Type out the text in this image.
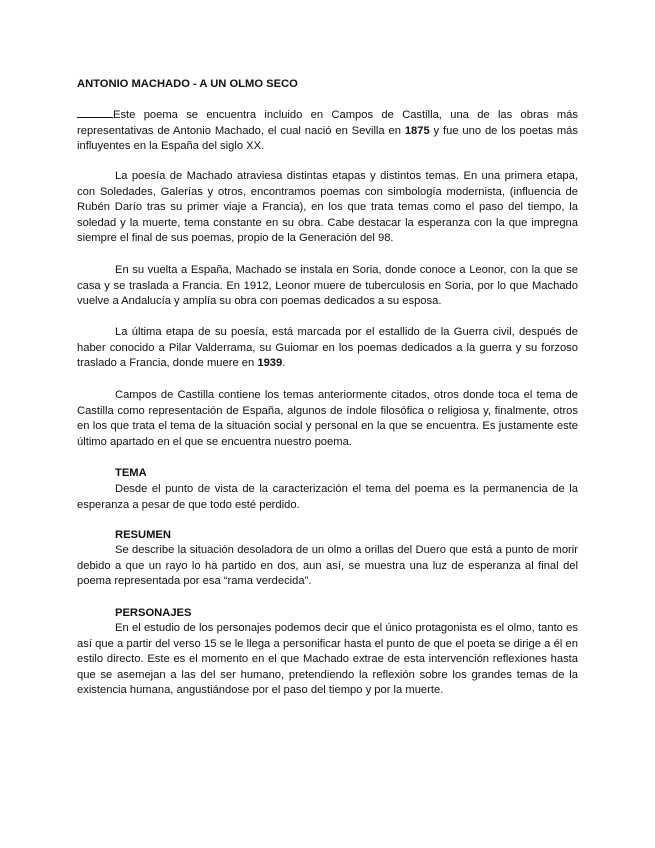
ANTONIO MACHADO - A UN OLMO SECO

Este poema se encuentra incluido en Campos de Castilla, una de las obras más representativas de Antonio Machado, el cual nació en Sevilla en 1875 y fue uno de los poetas más influyentes en la España del siglo XX.

La poesía de Machado atraviesa distintas etapas y distintos temas. En una primera etapa, con Soledades, Galerías y otros, encontramos poemas con simbología modernista, (influencia de Rubén Darío tras su primer viaje a Francia), en los que trata temas como el paso del tiempo, la soledad y la muerte, tema constante en su obra. Cabe destacar la esperanza con la que impregna siempre el final de sus poemas, propio de la Generación del 98.

En su vuelta a España, Machado se instala en Soria, donde conoce a Leonor, con la que se casa y se traslada a Francia. En 1912, Leonor muere de tuberculosis en Soria, por lo que Machado vuelve a Andalucía y amplía su obra con poemas dedicados a su esposa.

La última etapa de su poesía, está marcada por el estallido de la Guerra civil, después de haber conocido a Pilar Valderrama, su Guiomar en los poemas dedicados a la guerra y su forzoso traslado a Francia, donde muere en 1939.

Campos de Castilla contiene los temas anteriormente citados, otros donde toca el tema de Castilla como representación de España, algunos de índole filosófica o religiosa y, finalmente, otros en los que trata el tema de la situación social y personal en la que se encuentra. Es justamente este último apartado en el que se encuentra nuestro poema.

TEMA

Desde el punto de vista de la caracterización el tema del poema es la permanencia de la esperanza a pesar de que todo esté perdido.

RESUMEN

Se describe la situación desoladora de un olmo a orillas del Duero que está a punto de morir debido a que un rayo lo ha partido en dos, aun así, se muestra una luz de esperanza al final del poema representada por esa “rama verdecida”.

PERSONAJES

En el estudio de los personajes podemos decir que el único protagonista es el olmo, tanto es así que a partir del verso 15 se le llega a personificar hasta el punto de que el poeta se dirige a él en estilo directo. Este es el momento en el que Machado extrae de esta intervención reflexiones hasta que se asemejan a las del ser humano, pretendiendo la reflexión sobre los grandes temas de la existencia humana, angustiándose por el paso del tiempo y por la muerte.
